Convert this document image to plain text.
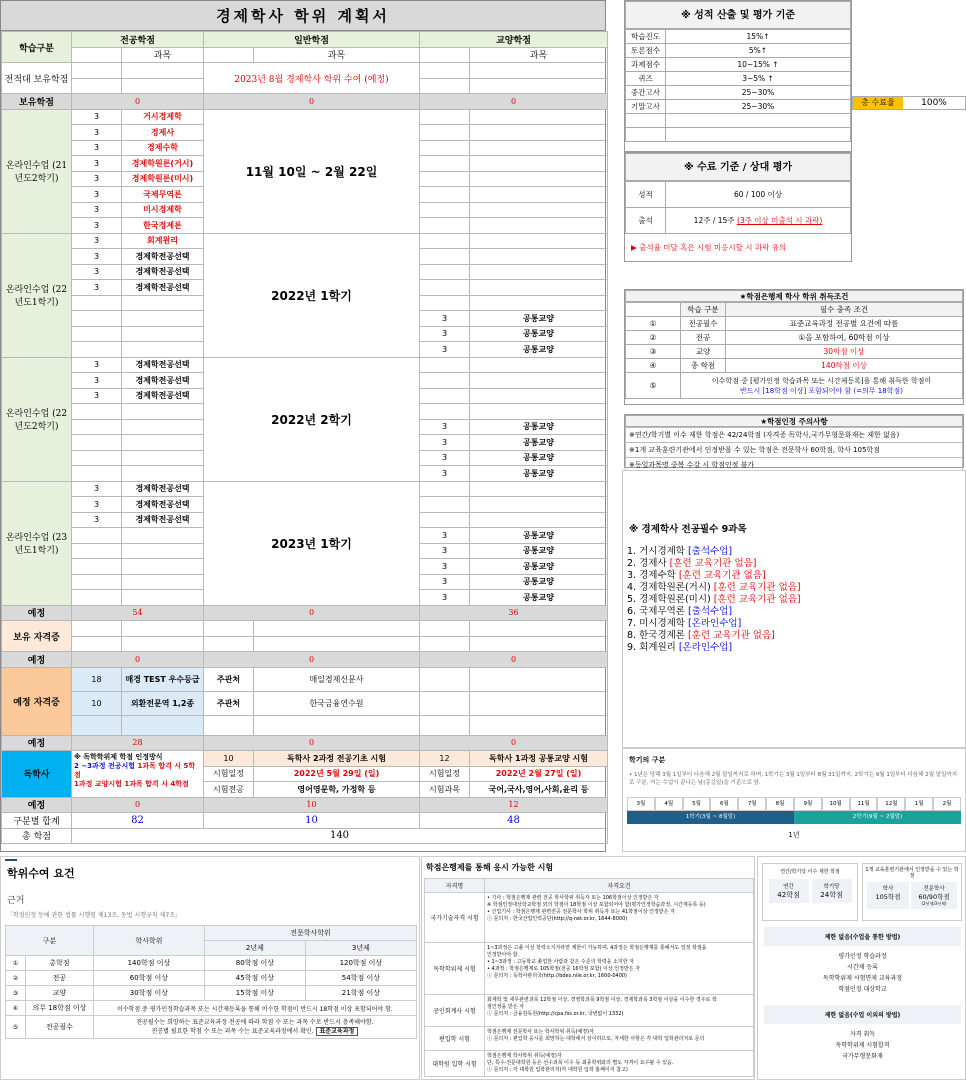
경제학사 학위 계획서
학습구분	전공학점		일반학점		교양학점	
		과목		과목		과목
전적대 보유학점			2023년 8월 경제학사 학위 수여 (예정)			

보유학점	0		0		0	
온라인수업 (21년도2학기)	3	거시경제학	11월 10일 ~ 2월 22일			
	3	경제사				
	3	경제수학				
	3	경제학원론(거시)				
	3	경제학원론(미시)				
	3	국제무역론				
	3	미시경제학				
	3	한국경제론				
온라인수업 (22년도1학기)	3	회계원리	2022년 1학기			
	3	경제학전공선택				
	3	경제학전공선택				
	3	경제학전공선택				

					3	공통교양
					3	공통교양
					3	공통교양
온라인수업 (22년도2학기)	3	경제학전공선택	2022년 2학기			
	3	경제학전공선택				
	3	경제학전공선택				

					3	공통교양
					3	공통교양
					3	공통교양
					3	공통교양
온라인수업 (23년도1학기)	3	경제학전공선택	2023년 1학기			
	3	경제학전공선택				
	3	경제학전공선택				
					3	공통교양
					3	공통교양
					3	공통교양
					3	공통교양
					3	공통교양
예정	54		0		36	
보유 자격증						

예정	0		0		0	
예정 자격증	18	매경 TEST 우수등급	주관처	매일경제신문사		
	10	외환전문역 1,2종	주관처	한국금융연수원		

예정	28		0		0	
독학사	※ 독학학위제 학점 인정방식
2 ~3과정 전공시험 1과목 합격 시 5학점
1과정 교양시험 1과목 합격 시 4학점		10	독학사 2과정 전공기초 시험	12	독학사 1과정 공통교양 시험
			시험일정	2022년 5월 29일 (일)	시험일정	2022년 2월 27일 (일)
			시험전공	영어영문학, 가정학 등	시험과목	국어,국사,영어,사회,윤리 등
예정	0		10		12	
구분별 합계	82		10		48	
총 학점	140					
※ 성적 산출 및 평가 기준
학습진도	15%↑
토론점수	5%↑
과제점수	10~15% ↑
퀴즈	3~5% ↑
중간고사	25~30%
기말고사	25~30%

		총 수료율	100%
※ 수료 기준 / 상대 평가
성적	60 / 100 이상
출석	12주 / 15주 (3주 이상 미출석 시 과락)
▶ 출석율 미달 혹은 시험 미응시할 시 과락 유의
★학점은행제 학사 학위 취득조건
	학습 구분	필수 충족 조건
①	전공필수	표준교육과정 전공별 요건에 따름
②	전공	①을 포함하여, 60학점 이상
③	교양	30학점 이상
④	총 학점	140학점 이상
⑤	이수학점 중 [평가인정 학습과목 또는 시간제등록]을 통해 취득한 학점이
반드시 [18학점 이상] 포함되어야 함 (=의무 18학점)	
★학점인정 주의사항
※연간/학기별 이수 제한 학점은 42/24학점 (자격증 독학사,국가무형문화재는 제한 없음)
※1개 교육훈련기관에서 인정받을 수 있는 학점은 전문학사 60학점, 학사 105학점
※동일과목명 중복 수강 시 학점인정 불가
※ 경제학사 전공필수 9과목
1. 거시경제학 [출석수업]
2. 경제사 [훈련 교육기관 없음]
3. 경제수학 [훈련 교육기관 없음]
4. 경제학원론(거시) [훈련 교육기관 없음]
5. 경제학원론(미시) [훈련 교육기관 없음]
6. 국제무역론 [출석수업]
7. 미시경제학 [온라인수업]
8. 한국경제론 [훈련 교육기관 없음]
9. 회계원리 [온라인수업]
학기의 구분
• 1년은 당해 3월 1일부터 다음해 2월 말일까지로 하며, 1학기는 3월 1일부터 8월 31일까지, 2학기는 9월 1일부터 다음해 2월 말일까지로 구분, 여는 수업이 끝나는 날(종강일)을 기준으로 함.
3월	4월	5월	6월	7월	8월	9월	10월	11월	12월	1월	2월
1학기(3월 ~ 8월말)	2학기(9월 ~ 2월말)
1년
학위수여 요건
근거
「학점인정 등에 관한 법률 시행령 제13조, 동법 시행규칙 제7조」
구분		학사학위	전문학사학위	
			2년제	3년제
①	총학점	140학점 이상	80학점 이상	120학점 이상
②	전공	60학점 이상	45학점 이상	54학점 이상
③	교양	30학점 이상	15학점 이상	21학점 이상
④	의무 18학점 이상	이수학점 중 평가인정학습과목 또는 시간제등록을 통해 이수한 학점이 반드시 18학점 이상 포함되어야 함.		
⑤	전공필수	전공필수는 희망하는 표준교육과정 전공에 따라 학점 수 또는 과목 수로 반드시 충족해야함.
전공별 필요한 학점 수 또는 과목 수는 표준교육과정에서 확인. 표준교육과정		
학점은행제를 통해 응시 가능한 시험
자격명	자격요건
국가기술자격 시험	• 기사 : 학점은행제 관련 전공 학사학위 취득자 또는 106학점이상 인정받은 자
※ 학점인정대상학교학점 외의 학점이 18학점 이상 포함되어야 함(평가인정학습과정, 시간제등록 등)
• 산업기사 : 학점은행제 관련전공 전문학사 학위 취득자 또는 41학점이상 인정받은 자
ⓘ 문의처 : 한국산업인력공단(http://q-net.or.kr, 1644-8000)

독학학위제 시험	1~3과정은 고졸 이상 학력소지자라면 제한이 가능하며, 4과정은 학점은행제를 통해서도 일정 학점을
인정받아야 함.
• 1~3과정 : 고등학교 졸업한 사람과 같은 수준의 학력을 소지한 자
• 4과정 : 학점은행제로 105학점(전공 16학점 포함) 이상 인정받은 자
ⓘ 문의처 : 독학사관리국(http://bdes.nile.or.kr, 1600-0400)

공인회계사 시험	회계학 및 세무관련과목 12학점 이상, 경영학과목 9학점 이상, 경제학과목 3학점 이상을 이수한 경우로 학
점인정을 받은 자
ⓘ 문의처 : 금융감독원(http://cpa.fss.or.kr, 국번없이 1332)

편입학 시험	학점은행제 전문학사 또는 학사학위 취득(예정)자
ⓘ 문의처 : 편입학 응시를 희망하는 대학에서 상이하므로, 자세한 사항은 각 대학 입학관리처로 문의

대학원 입학 시험	학점은행제 학사학위 취득(예정)자
단, 특수·전문대학원 등은 선수과목 이수 등 최종학위와의 별도 자격이 요구될 수 있음.
ⓘ 문의처 : 각 대학원 입학관리처(각 대학원 입학 홈페이지 참고)
연간/학기당 이수 제한 학점
연간
42학점
학기당
24학점
1개 교육훈련기관에서 인정받을 수 있는 학점
학사
105학점
전문학사
60/90학점
(2년제/3년제)
제한 없음(수업을 통한 방법)
평가인정 학습과정
시간제 등록
독학학위제 시험면제 교육과정
학점인정 대상학교
제한 없음(수업 이외의 방법)
자격 취득
독학학위제 시험합격
국가무형문화재
